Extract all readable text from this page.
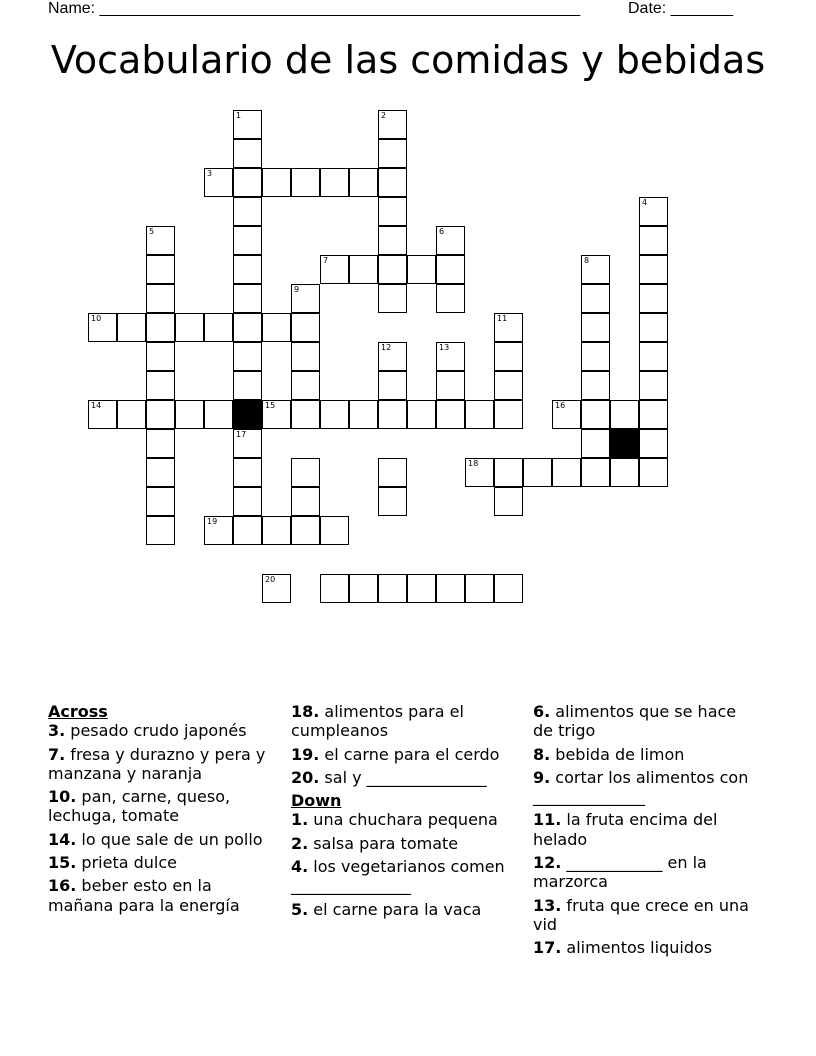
Name: ______________________________________________________	Date: _______
Vocabulario de las comidas y bebidas
1	2
3
4
5	6
7	8
9
10	11
12	13
14	15	16
17
18
19
20
Across
3. pesado crudo japonés
7. fresa y durazno y pera y manzana y naranja
10. pan, carne, queso, lechuga, tomate
14. lo que sale de un pollo
15. prieta dulce
16. beber esto en la mañana para la energía
18. alimentos para el cumpleanos
19. el carne para el cerdo
20. sal y _______________
Down
1. una chuchara pequena
2. salsa para tomate
4. los vegetarianos comen _______________
5. el carne para la vaca
6. alimentos que se hace de trigo
8. bebida de limon
9. cortar los alimentos con ______________
11. la fruta encima del helado
12. ____________ en la marzorca
13. fruta que crece en una vid
17. alimentos liquidos
